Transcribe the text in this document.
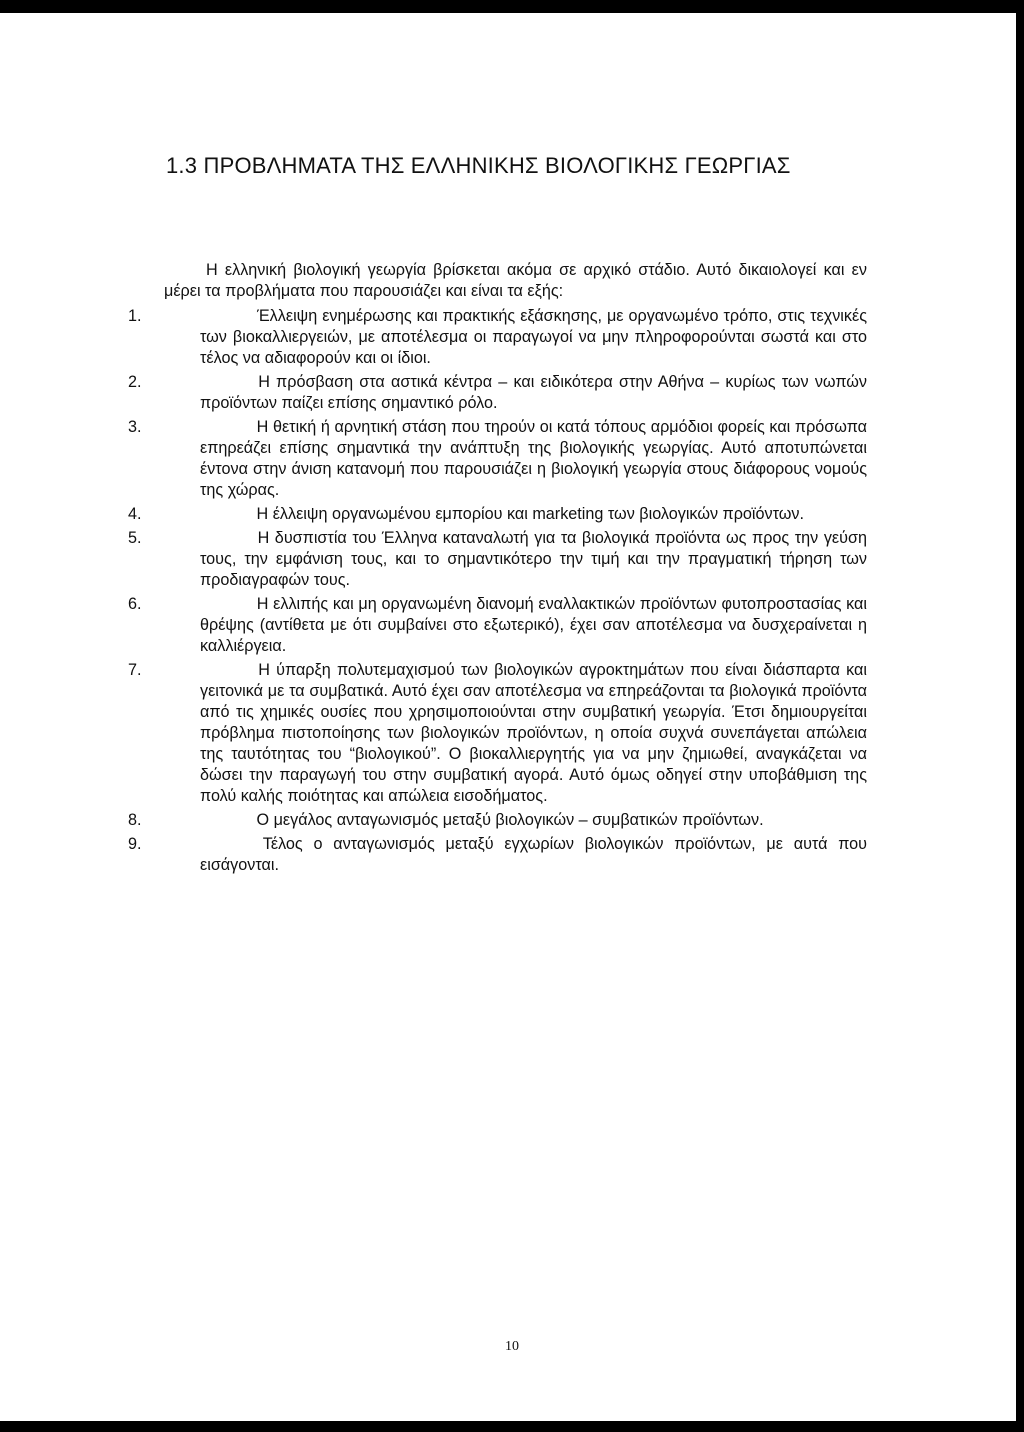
1.3 ΠΡΟΒΛΗΜΑΤΑ ΤΗΣ ΕΛΛΗΝΙΚΗΣ ΒΙΟΛΟΓΙΚΗΣ ΓΕΩΡΓΙΑΣ
Η ελληνική βιολογική γεωργία βρίσκεται ακόμα σε αρχικό στάδιο. Αυτό δικαιολογεί και εν μέρει τα προβλήματα που παρουσιάζει και είναι τα εξής:
1.	Έλλειψη ενημέρωσης και πρακτικής εξάσκησης, με οργανωμένο τρόπο, στις τεχνικές των βιοκαλλιεργειών, με αποτέλεσμα οι παραγωγοί να μην πληροφορούνται σωστά και στο τέλος να αδιαφορούν και οι ίδιοι.
2.	Η πρόσβαση στα αστικά κέντρα – και ειδικότερα στην Αθήνα – κυρίως των νωπών προϊόντων παίζει επίσης σημαντικό ρόλο.
3.	Η θετική ή αρνητική στάση που τηρούν οι κατά τόπους αρμόδιοι φορείς και πρόσωπα επηρεάζει επίσης σημαντικά την ανάπτυξη της βιολογικής γεωργίας. Αυτό αποτυπώνεται έντονα στην άνιση κατανομή που παρουσιάζει η βιολογική γεωργία στους διάφορους νομούς της χώρας.
4.	Η έλλειψη οργανωμένου εμπορίου και marketing των βιολογικών προϊόντων.
5.	Η δυσπιστία του Έλληνα καταναλωτή για τα βιολογικά προϊόντα ως προς την γεύση τους, την εμφάνιση τους, και το σημαντικότερο την τιμή και την πραγματική τήρηση των προδιαγραφών τους.
6.	Η ελλιπής και μη οργανωμένη διανομή εναλλακτικών προϊόντων φυτοπροστασίας και θρέψης (αντίθετα με ότι συμβαίνει στο εξωτερικό), έχει σαν αποτέλεσμα να δυσχεραίνεται η καλλιέργεια.
7.	Η ύπαρξη πολυτεμαχισμού των βιολογικών αγροκτημάτων που είναι διάσπαρτα και γειτονικά με τα συμβατικά. Αυτό έχει σαν αποτέλεσμα να επηρεάζονται τα βιολογικά προϊόντα από τις χημικές ουσίες που χρησιμοποιούνται στην συμβατική γεωργία. Έτσι δημιουργείται πρόβλημα πιστοποίησης των βιολογικών προϊόντων, η οποία συχνά συνεπάγεται απώλεια της ταυτότητας του “βιολογικού”. Ο βιοκαλλιεργητής για να μην ζημιωθεί, αναγκάζεται να δώσει την παραγωγή του στην συμβατική αγορά. Αυτό όμως οδηγεί στην υποβάθμιση της πολύ καλής ποιότητας και απώλεια εισοδήματος.
8.	Ο μεγάλος ανταγωνισμός μεταξύ βιολογικών – συμβατικών προϊόντων.
9.	Τέλος ο ανταγωνισμός μεταξύ εγχωρίων βιολογικών προϊόντων, με αυτά που εισάγονται.
10
